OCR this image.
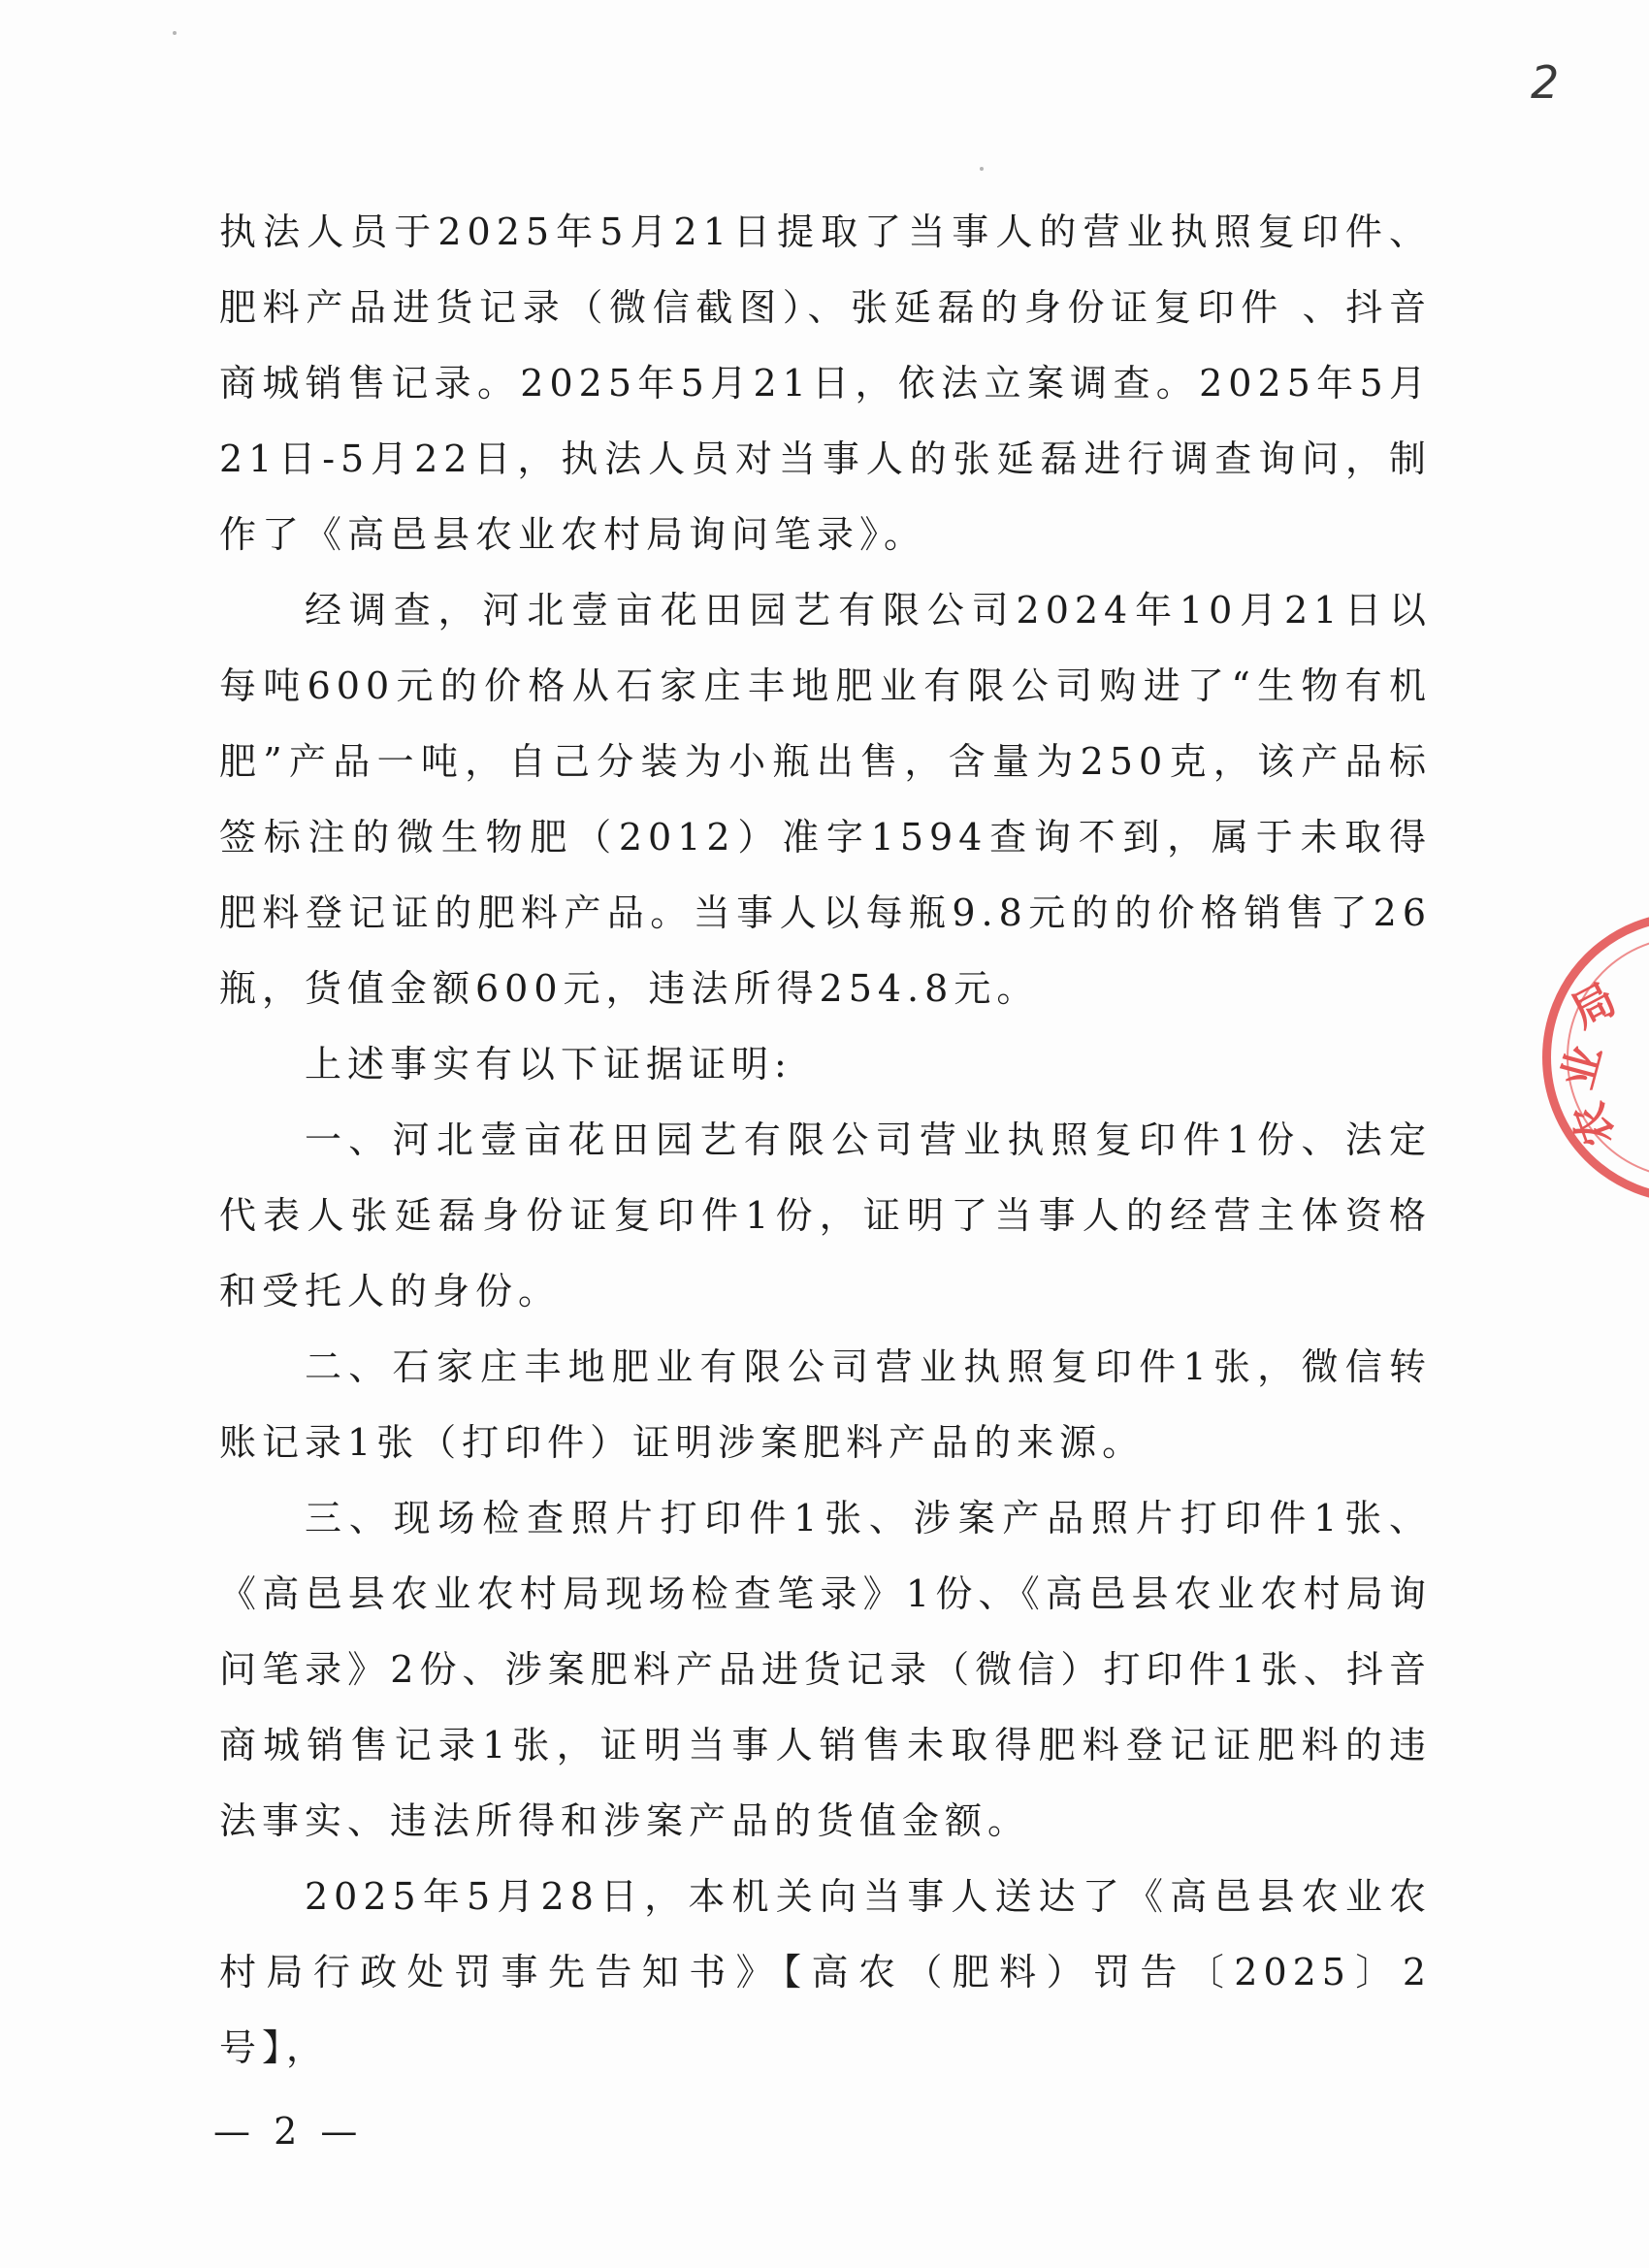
2

执法人员于2025年5月21日提取了当事人的营业执照复印件、肥料产品进货记录（微信截图）、张延磊的身份证复印件 、抖音商城销售记录。2025年5月21日，依法立案调查。2025年5月21日-5月22日，执法人员对当事人的张延磊进行调查询问，制作了《高邑县农业农村局询问笔录》。

经调查，河北壹亩花田园艺有限公司2024年10月21日以每吨600元的价格从石家庄丰地肥业有限公司购进了“生物有机肥”产品一吨，自己分装为小瓶出售，含量为250克，该产品标签标注的微生物肥（2012）准字1594查询不到，属于未取得肥料登记证的肥料产品。当事人以每瓶9.8元的的价格销售了26瓶，货值金额600元，违法所得254.8元。

上述事实有以下证据证明:

一、河北壹亩花田园艺有限公司营业执照复印件1份、法定代表人张延磊身份证复印件1份，证明了当事人的经营主体资格和受托人的身份。

二、石家庄丰地肥业有限公司营业执照复印件1张，微信转账记录1张（打印件）证明涉案肥料产品的来源。

三、现场检查照片打印件1张、涉案产品照片打印件1张、《高邑县农业农村局现场检查笔录》1份、《高邑县农业农村局询问笔录》2份、涉案肥料产品进货记录（微信）打印件1张、抖音商城销售记录1张，证明当事人销售未取得肥料登记证肥料的违法事实、违法所得和涉案产品的货值金额。

2025年5月28日，本机关向当事人送达了《高邑县农业农村局行政处罚事先告知书》【高农（肥料）罚告〔2025〕2号】，

局
业
农
— 2 —
